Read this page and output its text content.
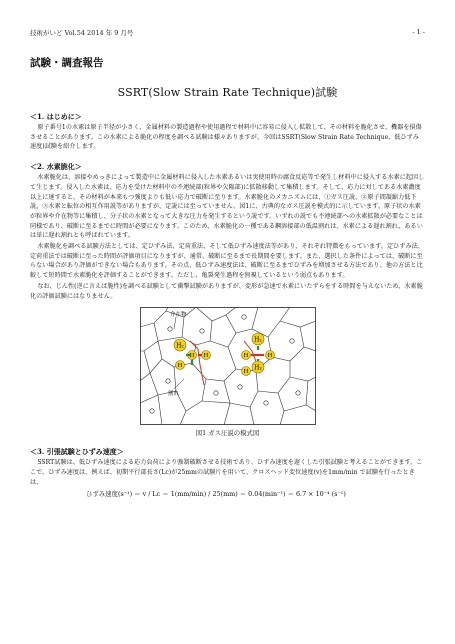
技術がいど Vol.54 2014 年 9 月号	- 1 -
試験・調査報告
SSRT(Slow Strain Rate Technique)試験
＜1. はじめに＞

原子番号1の水素は原子半径が小さく、金属材料の製造過程や使用過程で材料中に容易に侵入し拡散して、その材料を脆化させ、機器を損傷させることがあります。この水素による脆化の程度を調べる試験は様々ありますが、今回はSSRT(Slow Strain Rate Technique、低ひずみ速度)試験を紹介します。

＜2. 水素脆化＞

水素脆化は、溶接やめっきによって製造中に金属材料に侵入した水素あるいは実使用時の腐食反応等で発生し材料中に侵入する水素に起因して生じます。侵入した水素は、応力を受けた材料中の不連続部(粒界や欠陥部)に拡散移動して集積します。そして、応力に対してある水素濃度以上に達すると、その材料が本来もつ強度よりも低い応力で破断に至ります。水素脆化のメカニズムには、①ガス圧説、②原子間凝縮力低下説、③水素と転位の相互作用説等がありますが、定説には至っていません。図1に、古典的なガス圧説を模式的に示しています。原子状の水素が粒界や介在物等に集積し、分子状の水素となって大きな圧力を発生するという説です。いずれの説でも不連続部への水素拡散が必要なことは同様であり、破断に至るまでに時間が必要になります。このため、水素脆化の一種である鋼溶接部の低温割れは、水素による遅れ割れ、あるいは単に遅れ割れとも呼ばれています。

水素脆化を調べる試験方法としては、定ひずみ法、定荷重法、そして低ひずみ速度法等があり、それぞれ特徴をもっています。定ひずみ法、定荷重法では破断に至った時間が評価項目になりますが、通常、破断に至るまで長期間を要します。また、選択した条件によっては、破断に至らない場合があり評価ができない場合もあります。その点、低ひずみ速度法は、破断に至るまでひずみを増加させる方法であり、他の方法と比較して短時間で水素脆化を評価することができます。ただし、亀裂発生過程を無視しているという弱点もあります。

なお、じん性(逆に言えば脆性)を調べる試験として衝撃試験がありますが、変形が急速で水素にいたずらをする時間を与えないため、水素脆化の評価試験にはなりません。

H₂
H H
H
H₂
H	H
H₂
H
介在物
割れ
図1 ガス圧説の模式図
＜3. 引張試験とひずみ速度＞

SSRT試験は、低ひずみ速度による応力負荷により強制破断させる技術であり、ひずみ速度を遅くした引張試験と考えることができます。ここで、ひずみ速度は、例えば、初期平行部長さ(Lc)が25mmの試験片を用いて、クロスヘッド変位速度(v)を1mm/min で試験を行ったときは、

ひずみ速度(s⁻¹) ＝ v / Lc ＝ 1(mm/min) / 25(mm) ＝ 0.04(min⁻¹) ＝ 6.7 × 10⁻⁴ (s⁻¹)
